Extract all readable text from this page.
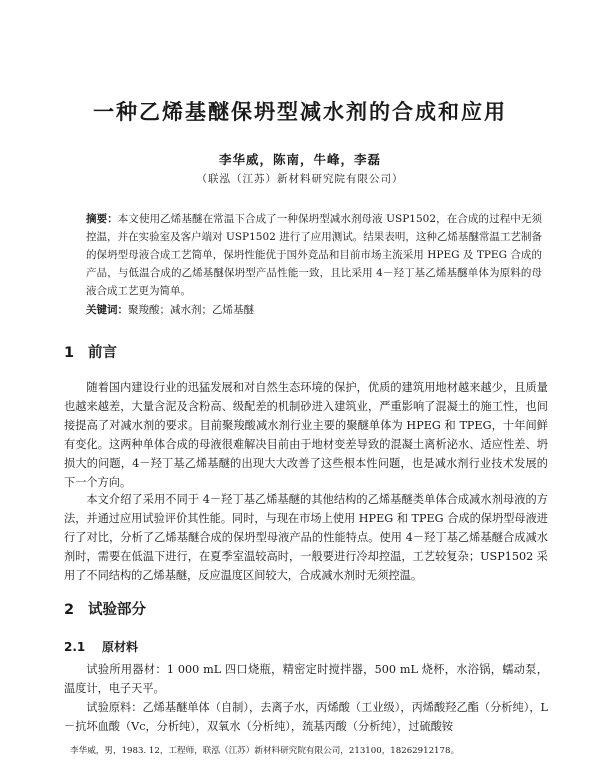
一种乙烯基醚保坍型减水剂的合成和应用
李华威，陈南，牛峰，李磊
（联泓（江苏）新材料研究院有限公司）
摘要：本文使用乙烯基醚在常温下合成了一种保坍型减水剂母液 USP1502，在合成的过程中无须控温，并在实验室及客户端对 USP1502 进行了应用测试。结果表明，这种乙烯基醚常温工艺制备的保坍型母液合成工艺简单，保坍性能优于国外竞品和目前市场主流采用 HPEG 及 TPEG 合成的产品，与低温合成的乙烯基醚保坍型产品性能一致，且比采用 4－羟丁基乙烯基醚单体为原料的母液合成工艺更为简单。
关键词：聚羧酸；减水剂；乙烯基醚
1 前言
随着国内建设行业的迅猛发展和对自然生态环境的保护，优质的建筑用地材越来越少，且质量也越来越差，大量含泥及含粉高、级配差的机制砂进入建筑业，严重影响了混凝土的施工性，也间接提高了对减水剂的要求。目前聚羧酸减水剂行业主要的聚醚单体为 HPEG 和 TPEG，十年间鲜有变化。这两种单体合成的母液很难解决目前由于地材变差导致的混凝土离析泌水、适应性差、坍损大的问题，4－羟丁基乙烯基醚的出现大大改善了这些根本性问题，也是减水剂行业技术发展的下一个方向。
本文介绍了采用不同于 4－羟丁基乙烯基醚的其他结构的乙烯基醚类单体合成减水剂母液的方法，并通过应用试验评价其性能。同时，与现在市场上使用 HPEG 和 TPEG 合成的保坍型母液进行了对比，分析了乙烯基醚合成的保坍型母液产品的性能特点。使用 4－羟丁基乙烯基醚合成减水剂时，需要在低温下进行，在夏季室温较高时，一般要进行冷却控温，工艺较复杂；USP1502 采用了不同结构的乙烯基醚，反应温度区间较大，合成减水剂时无须控温。
2 试验部分
2.1 原材料
试验所用器材：1 000 mL 四口烧瓶，精密定时搅拌器，500 mL 烧杯，水浴锅，蠕动泵，温度计，电子天平。
试验原料：乙烯基醚单体（自制），去离子水，丙烯酸（工业级），丙烯酸羟乙酯（分析纯），L－抗坏血酸（Vc，分析纯），双氧水（分析纯），巯基丙酸（分析纯），过硫酸铵
李华威，男，1983. 12，工程师，联泓（江苏）新材料研究院有限公司，213100，18262912178。
